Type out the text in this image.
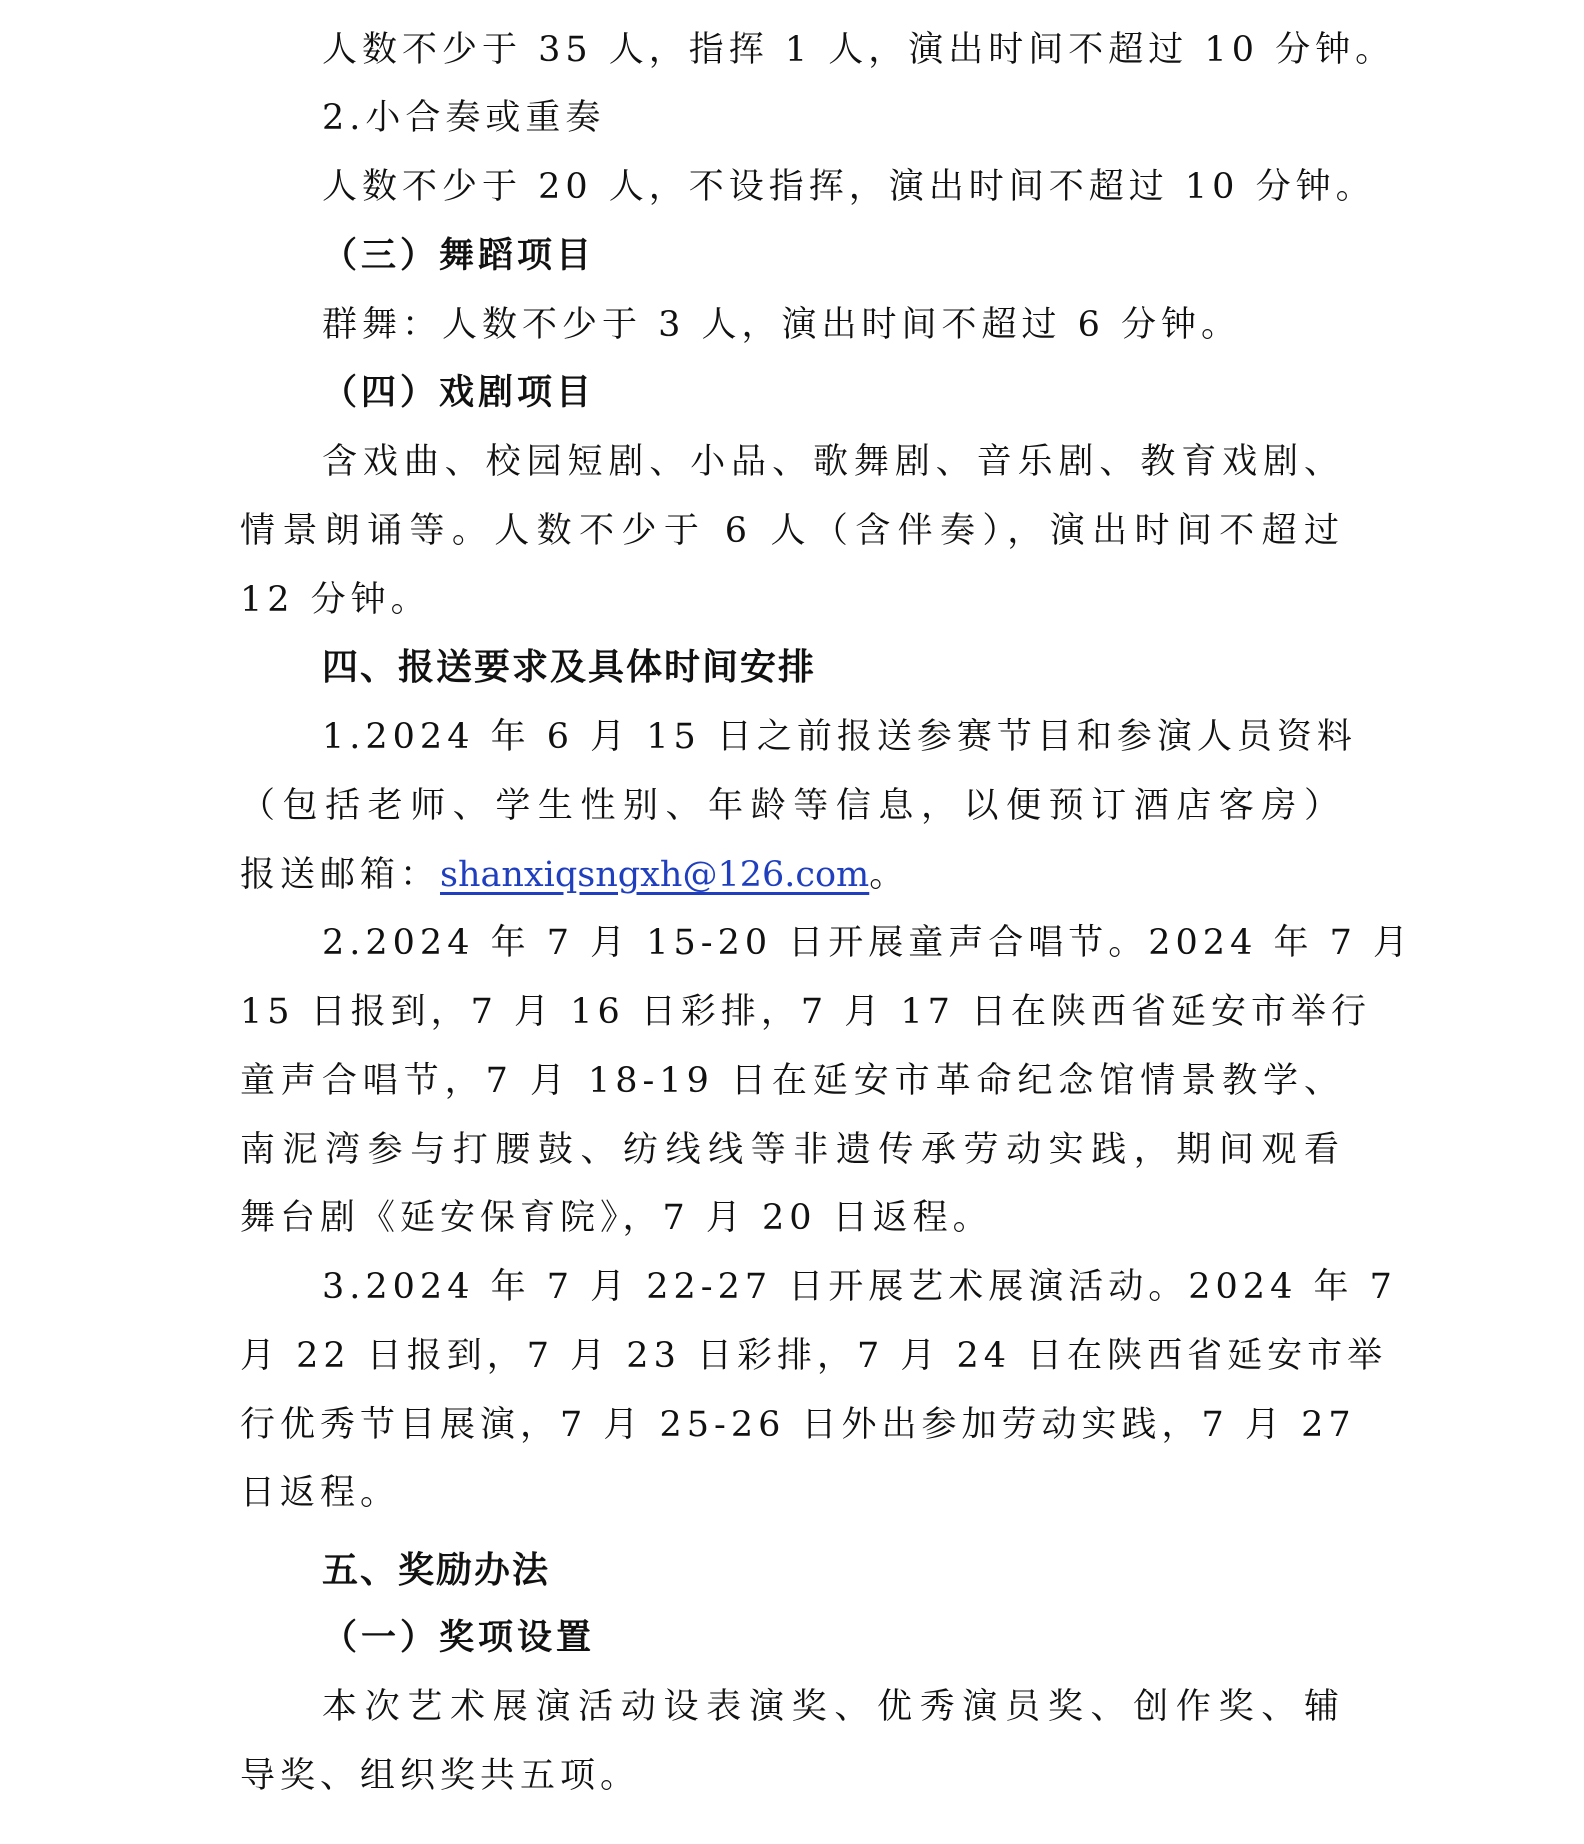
人数不少于 35 人，指挥 1 人，演出时间不超过 10 分钟。
2.小合奏或重奏
人数不少于 20 人，不设指挥，演出时间不超过 10 分钟。
（三）舞蹈项目
群舞：人数不少于 3 人，演出时间不超过 6 分钟。
（四）戏剧项目
含戏曲、校园短剧、小品、歌舞剧、音乐剧、教育戏剧、
情景朗诵等。人数不少于 6 人（含伴奏），演出时间不超过
12 分钟。
四、报送要求及具体时间安排
1.2024 年 6 月 15 日之前报送参赛节目和参演人员资料
（包括老师、学生性别、年龄等信息，以便预订酒店客房）
报送邮箱：shanxiqsngxh@126.com。
2.2024 年 7 月 15-20 日开展童声合唱节。2024 年 7 月
15 日报到，7 月 16 日彩排，7 月 17 日在陕西省延安市举行
童声合唱节，7 月 18-19 日在延安市革命纪念馆情景教学、
南泥湾参与打腰鼓、纺线线等非遗传承劳动实践，期间观看
舞台剧《延安保育院》，7 月 20 日返程。
3.2024 年 7 月 22-27 日开展艺术展演活动。2024 年 7
月 22 日报到，7 月 23 日彩排，7 月 24 日在陕西省延安市举
行优秀节目展演，7 月 25-26 日外出参加劳动实践，7 月 27
日返程。
五、奖励办法
（一）奖项设置
本次艺术展演活动设表演奖、优秀演员奖、创作奖、辅
导奖、组织奖共五项。
